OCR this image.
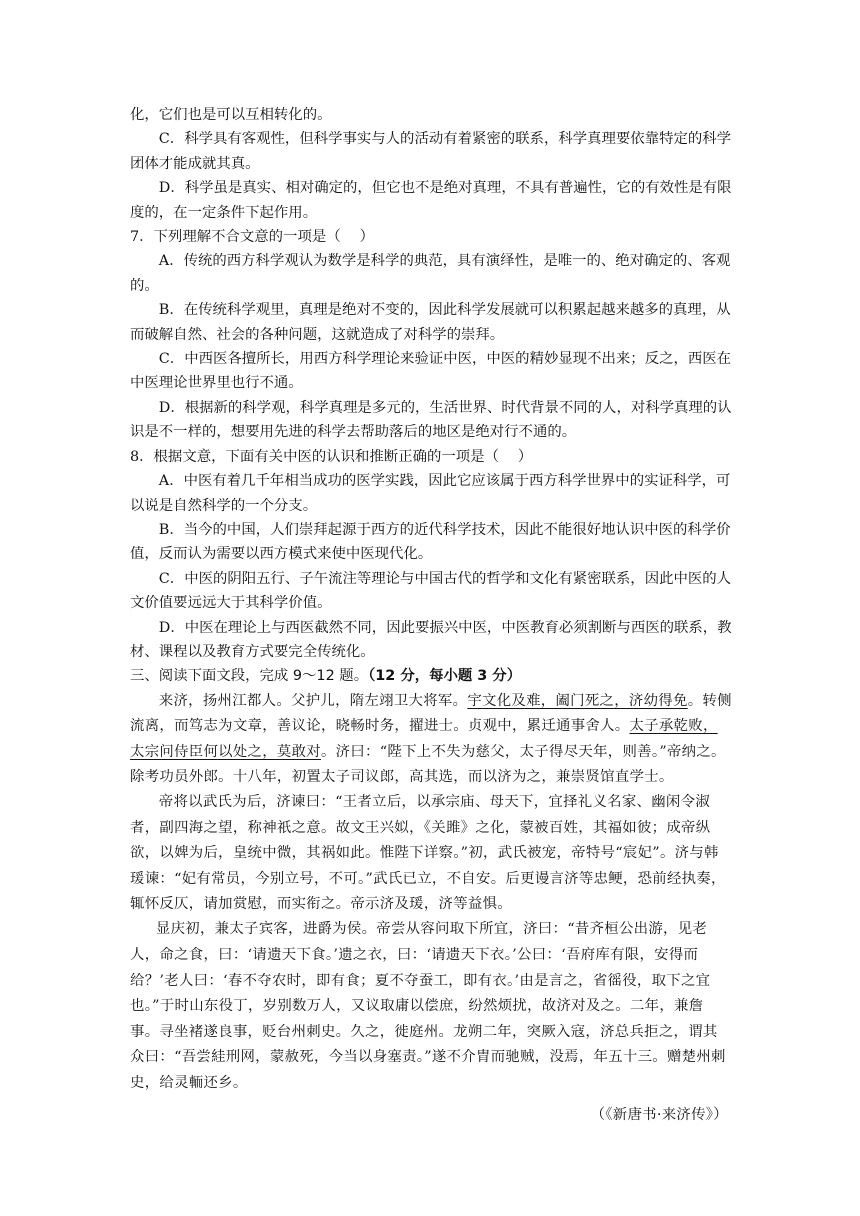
化，它们也是可以互相转化的。

C．科学具有客观性，但科学事实与人的活动有着紧密的联系，科学真理要依靠特定的科学团体才能成就其真。

D．科学虽是真实、相对确定的，但它也不是绝对真理，不具有普遍性，它的有效性是有限度的，在一定条件下起作用。

7．下列理解不合文意的一项是（　 ）

A．传统的西方科学观认为数学是科学的典范，具有演绎性，是唯一的、绝对确定的、客观的。

B．在传统科学观里，真理是绝对不变的，因此科学发展就可以积累起越来越多的真理，从而破解自然、社会的各种问题，这就造成了对科学的崇拜。

C．中西医各擅所长，用西方科学理论来验证中医，中医的精妙显现不出来；反之，西医在中医理论世界里也行不通。

D．根据新的科学观，科学真理是多元的，生活世界、时代背景不同的人，对科学真理的认识是不一样的，想要用先进的科学去帮助落后的地区是绝对行不通的。

8．根据文意，下面有关中医的认识和推断正确的一项是（　 ）

A．中医有着几千年相当成功的医学实践，因此它应该属于西方科学世界中的实证科学，可以说是自然科学的一个分支。

B．当今的中国，人们崇拜起源于西方的近代科学技术，因此不能很好地认识中医的科学价值，反而认为需要以西方模式来使中医现代化。

C．中医的阴阳五行、子午流注等理论与中国古代的哲学和文化有紧密联系，因此中医的人文价值要远远大于其科学价值。

D．中医在理论上与西医截然不同，因此要振兴中医，中医教育必须割断与西医的联系，教材、课程以及教育方式要完全传统化。

三、阅读下面文段，完成 9～12 题。（12 分，每小题 3 分）

来济，扬州江都人。父护儿，隋左翊卫大将军。宇文化及难，阖门死之，济幼得免。转侧流离，而笃志为文章，善议论，晓畅时务，擢进士。贞观中，累迁通事舍人。太子承乾败，太宗问侍臣何以处之，莫敢对。济曰：“陛下上不失为慈父，太子得尽天年，则善。”帝纳之。除考功员外郎。十八年，初置太子司议郎，高其选，而以济为之，兼崇贤馆直学士。

帝将以武氏为后，济谏曰：“王者立后，以承宗庙、母天下，宜择礼义名家、幽闲令淑者，副四海之望，称神祇之意。故文王兴姒，《关雎》之化，蒙被百姓，其福如彼；成帝纵欲，以婢为后，皇统中微，其祸如此。惟陛下详察。”初，武氏被宠，帝特号“宸妃”。济与韩瑗谏：“妃有常员，今别立号，不可。”武氏已立，不自安。后更谩言济等忠鲠，恐前经执奏，辄怀反仄，请加赏慰，而实衔之。帝示济及瑗，济等益惧。

显庆初，兼太子宾客，进爵为侯。帝尝从容问取下所宜，济曰：“昔齐桓公出游，见老人，命之食，曰：‘请遗天下食。’遗之衣，曰：‘请遗天下衣。’公曰：‘吾府库有限，安得而给？’老人曰：‘春不夺农时，即有食；夏不夺蚕工，即有衣。’由是言之，省徭役，取下之宜也。”于时山东役丁，岁别数万人，又议取庸以偿庶，纷然烦扰，故济对及之。二年，兼詹事。寻坐褚遂良事，贬台州刺史。久之，徙庭州。龙朔二年，突厥入寇，济总兵拒之，谓其众曰：“吾尝絓刑网，蒙赦死，今当以身塞责。”遂不介胄而驰贼，没焉，年五十三。赠楚州刺史，给灵輀还乡。

（《新唐书·来济传》）
